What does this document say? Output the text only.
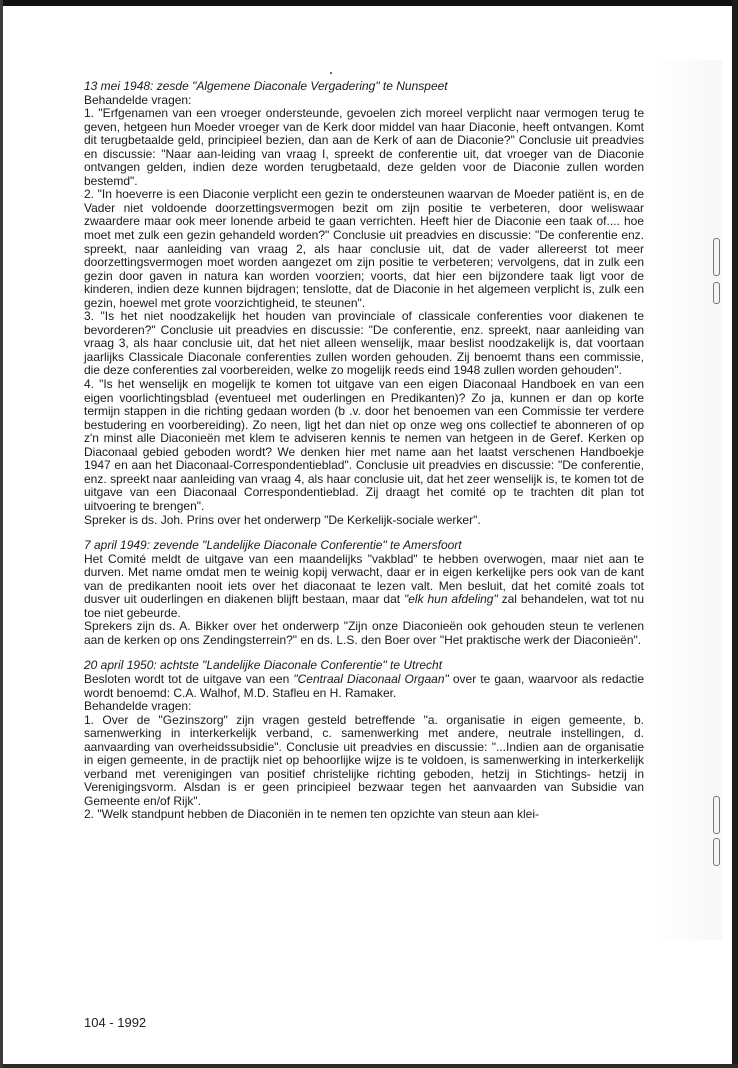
13 mei 1948: zesde "Algemene Diaconale Vergadering" te Nunspeet
Behandelde vragen:
1. "Erfgenamen van een vroeger ondersteunde, gevoelen zich moreel verplicht naar vermogen terug te geven, hetgeen hun Moeder vroeger van de Kerk door middel van haar Diaconie, heeft ontvangen. Komt dit terugbetaalde geld, principieel bezien, dan aan de Kerk of aan de Diaconie?" Conclusie uit preadvies en discussie: "Naar aan-leiding van vraag I, spreekt de conferentie uit, dat vroeger van de Diaconie ontvangen gelden, indien deze worden terugbetaald, deze gelden voor de Diaconie zullen worden bestemd".
2. "In hoeverre is een Diaconie verplicht een gezin te ondersteunen waarvan de Moeder patiënt is, en de Vader niet voldoende doorzettingsvermogen bezit om zijn positie te verbeteren, door weliswaar zwaardere maar ook meer lonende arbeid te gaan verrichten. Heeft hier de Diaconie een taak of.... hoe moet met zulk een gezin gehandeld worden?" Conclusie uit preadvies en discussie: "De conferentie enz. spreekt, naar aanleiding van vraag 2, als haar conclusie uit, dat de vader allereerst tot meer doorzettingsvermogen moet worden aangezet om zijn positie te verbeteren; vervolgens, dat in zulk een gezin door gaven in natura kan worden voorzien; voorts, dat hier een bijzondere taak ligt voor de kinderen, indien deze kunnen bijdragen; tenslotte, dat de Diaconie in het algemeen verplicht is, zulk een gezin, hoewel met grote voorzichtigheid, te steunen".
3. "Is het niet noodzakelijk het houden van provinciale of classicale conferenties voor diakenen te bevorderen?" Conclusie uit preadvies en discussie: "De conferentie, enz. spreekt, naar aanleiding van vraag 3, als haar conclusie uit, dat het niet alleen wenselijk, maar beslist noodzakelijk is, dat voortaan jaarlijks Classicale Diaconale conferenties zullen worden gehouden. Zij benoemt thans een commissie, die deze conferenties zal voorbereiden, welke zo mogelijk reeds eind 1948 zullen worden gehouden".
4. "Is het wenselijk en mogelijk te komen tot uitgave van een eigen Diaconaal Handboek en van een eigen voorlichtingsblad (eventueel met ouderlingen en Predikanten)? Zo ja, kunnen er dan op korte termijn stappen in die richting gedaan worden (b .v. door het benoemen van een Commissie ter verdere bestudering en voorbereiding). Zo neen, ligt het dan niet op onze weg ons collectief te abonneren of op z'n minst alle Diaconieën met klem te adviseren kennis te nemen van hetgeen in de Geref. Kerken op Diaconaal gebied geboden wordt? We denken hier met name aan het laatst verschenen Handboekje 1947 en aan het Diaconaal-Correspondentieblad". Conclusie uit preadvies en discussie: "De conferentie, enz. spreekt naar aanleiding van vraag 4, als haar conclusie uit, dat het zeer wenselijk is, te komen tot de uitgave van een Diaconaal Correspondentieblad. Zij draagt het comité op te trachten dit plan tot uitvoering te brengen".
Spreker is ds. Joh. Prins over het onderwerp "De Kerkelijk-sociale werker".
7 april 1949: zevende "Landelijke Diaconale Conferentie" te Amersfoort
Het Comité meldt de uitgave van een maandelijks "vakblad" te hebben overwogen, maar niet aan te durven. Met name omdat men te weinig kopij verwacht, daar er in eigen kerkelijke pers ook van de kant van de predikanten nooit iets over het diaconaat te lezen valt. Men besluit, dat het comité zoals tot dusver uit ouderlingen en diakenen blijft bestaan, maar dat "elk hun afdeling" zal behandelen, wat tot nu toe niet gebeurde.
Sprekers zijn ds. A. Bikker over het onderwerp "Zijn onze Diaconieën ook gehouden steun te verlenen aan de kerken op ons Zendingsterrein?" en ds. L.S. den Boer over "Het praktische werk der Diaconieën".
20 april 1950: achtste "Landelijke Diaconale Conferentie" te Utrecht
Besloten wordt tot de uitgave van een "Centraal Diaconaal Orgaan" over te gaan, waarvoor als redactie wordt benoemd: C.A. Walhof, M.D. Stafleu en H. Ramaker.
Behandelde vragen:
1. Over de "Gezinszorg" zijn vragen gesteld betreffende "a. organisatie in eigen gemeente, b. samenwerking in interkerkelijk verband, c. samenwerking met andere, neutrale instellingen, d. aanvaarding van overheidssubsidie". Conclusie uit preadvies en discussie: "...Indien aan de organisatie in eigen gemeente, in de practijk niet op behoorlijke wijze is te voldoen, is samenwerking in interkerkelijk verband met verenigingen van positief christelijke richting geboden, hetzij in Stichtings- hetzij in Verenigingsvorm. Alsdan is er geen principieel bezwaar tegen het aanvaarden van Subsidie van Gemeente en/of Rijk".
2. "Welk standpunt hebben de Diaconiën in te nemen ten opzichte van steun aan klei-
104 - 1992
